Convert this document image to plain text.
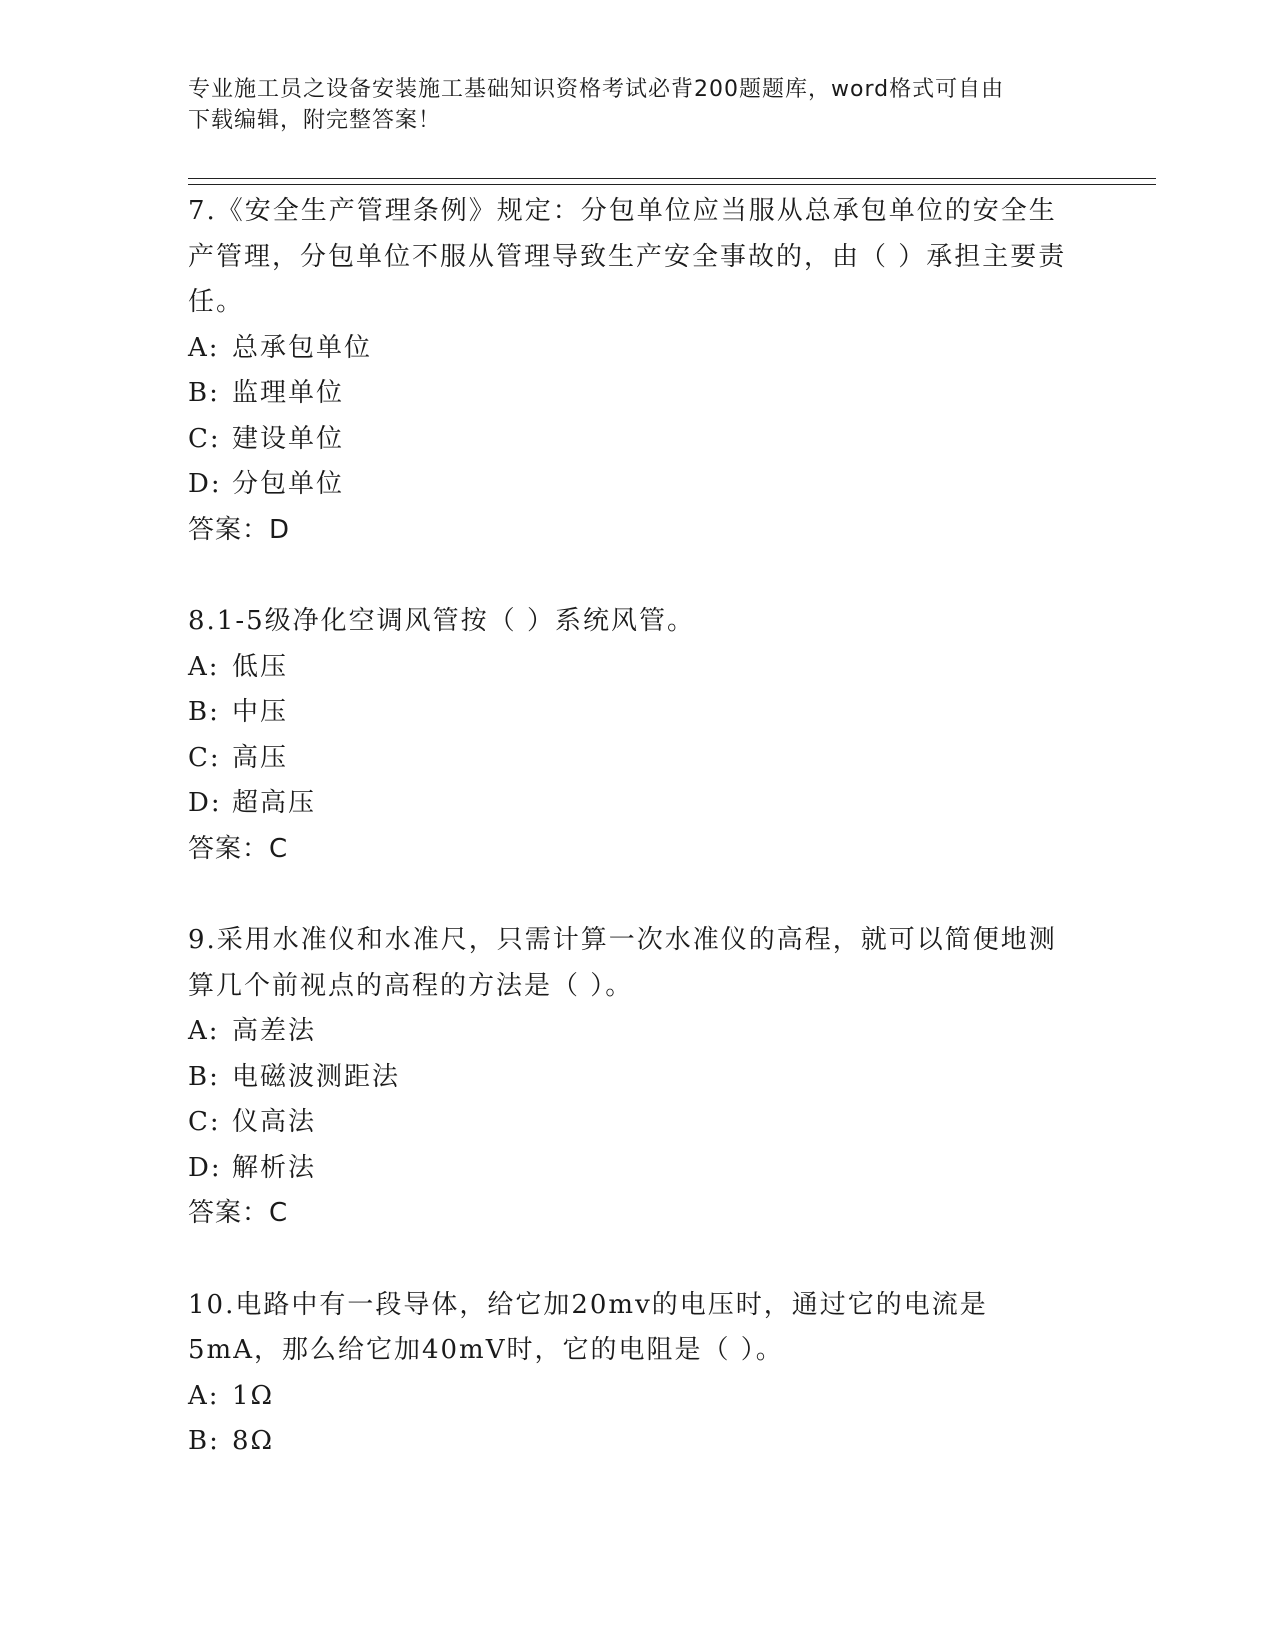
专业施工员之设备安装施工基础知识资格考试必背200题题库，word格式可自由
下载编辑，附完整答案！
7.《安全生产管理条例》规定：分包单位应当服从总承包单位的安全生产管理，分包单位不服从管理导致生产安全事故的，由（ ）承担主要责任。
A: 总承包单位
B: 监理单位
C: 建设单位
D: 分包单位
答案：D
8.1-5级净化空调风管按（ ）系统风管。
A: 低压
B: 中压
C: 高压
D: 超高压
答案：C
9.采用水准仪和水准尺，只需计算一次水准仪的高程，就可以简便地测算几个前视点的高程的方法是（ ）。
A: 高差法
B: 电磁波测距法
C: 仪高法
D: 解析法
答案：C
10.电路中有一段导体，给它加20mv的电压时，通过它的电流是5mA，那么给它加40mV时，它的电阻是（ ）。
A: 1Ω
B: 8Ω
